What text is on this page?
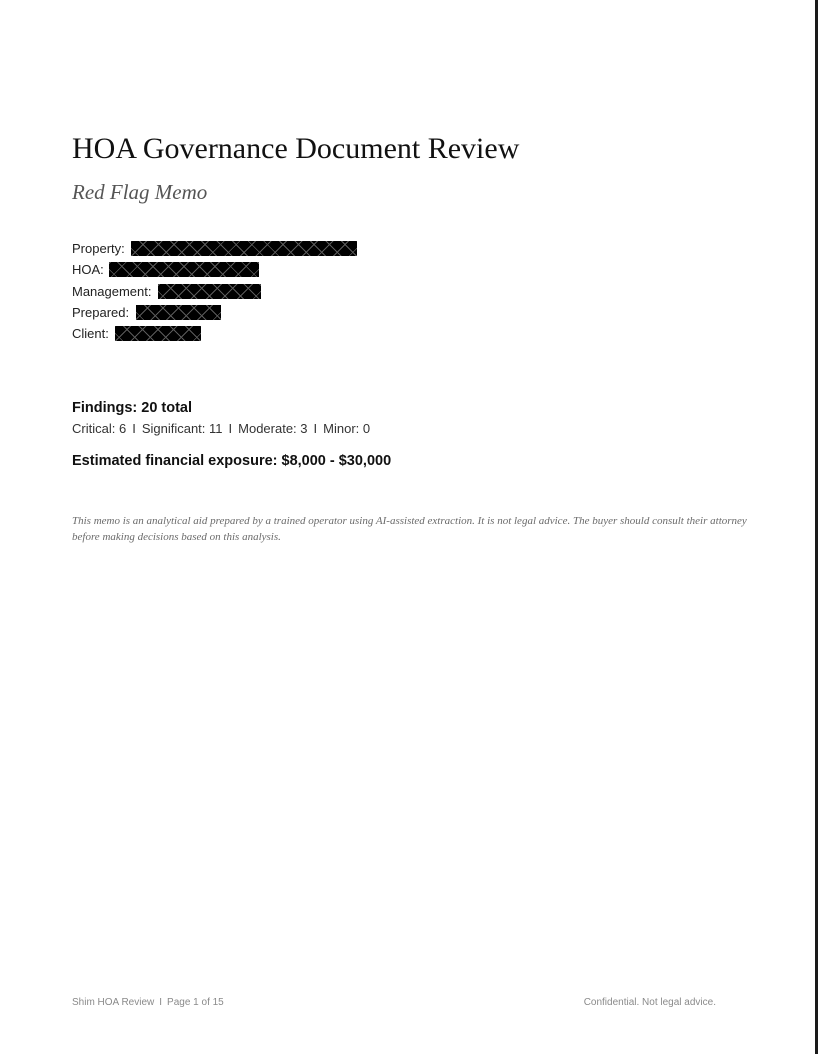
HOA Governance Document Review
Red Flag Memo
Property:
HOA:
Management:
Prepared:
Client:
Findings: 20 total
Critical: 6 I Significant: 11 I Moderate: 3 I Minor: 0
Estimated financial exposure: $8,000 - $30,000

This memo is an analytical aid prepared by a trained operator using AI-assisted extraction. It is not legal advice. The buyer should consult their attorney before making decisions based on this analysis.

Shim HOA Review I Page 1 of 15	Confidential. Not legal advice.
